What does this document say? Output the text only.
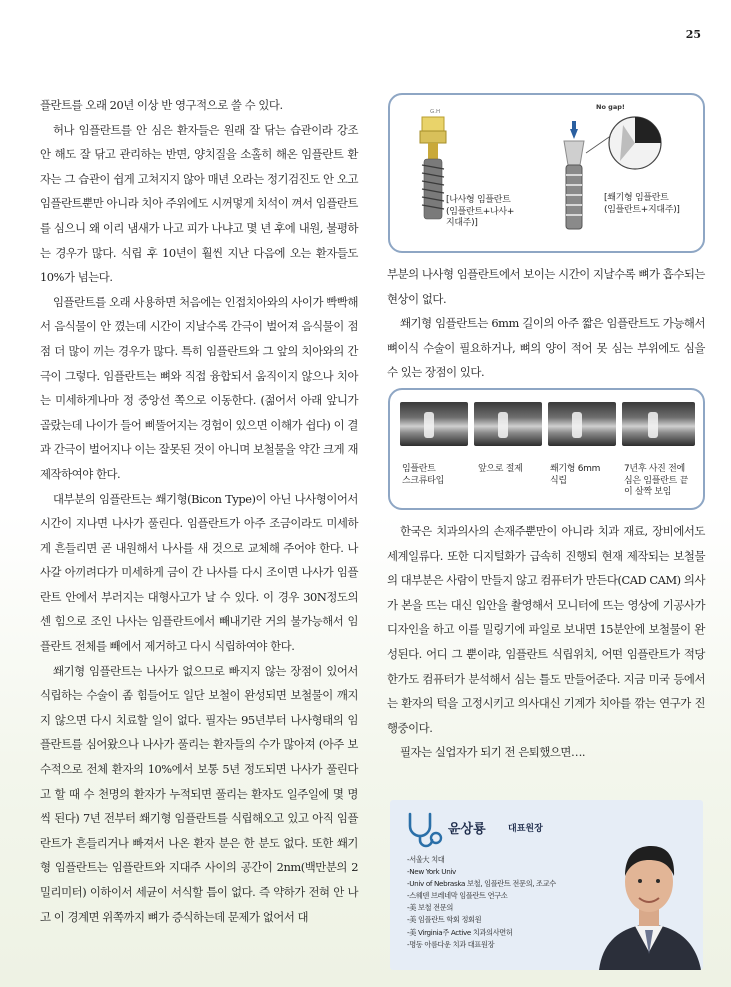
25

플란트를 오래 20년 이상 반 영구적으로 쓸 수 있다.

허나 임플란트를 안 심은 환자들은 원래 잘 닦는 습관이라 강조 안 해도 잘 닦고 관리하는 반면, 양치질을 소홀히 해온 임플란트 환자는 그 습관이 쉽게 고쳐지지 않아 매년 오라는 정기검진도 안 오고 임플란트뿐만 아니라 치아 주위에도 시꺼멓게 치석이 껴서 임플란트를 심으니 왜 이리 냄새가 나고 피가 나냐고 몇 년 후에 내원, 불평하는 경우가 많다. 식립 후 10년이 훨씬 지난 다음에 오는 환자들도 10%가 넘는다.

임플란트를 오래 사용하면 처음에는 인접치아와의 사이가 빡빡해서 음식물이 안 꼈는데 시간이 지날수록 간극이 벌어져 음식물이 점점 더 많이 끼는 경우가 많다. 특히 임플란트와 그 앞의 치아와의 간극이 그렇다. 임플란트는 뼈와 직접 융합되서 움직이지 않으나 치아는 미세하게나마 정 중앙선 쪽으로 이동한다. (젊어서 아래 앞니가 골랐는데 나이가 들어 삐뚤어지는 경험이 있으면 이해가 쉽다) 이 결과 간극이 벌어지나 이는 잘못된 것이 아니며 보철물을 약간 크게 재 제작하여야 한다.

대부분의 임플란트는 쐐기형(Bicon Type)이 아닌 나사형이어서 시간이 지나면 나사가 풀린다. 임플란트가 아주 조금이라도 미세하게 흔들리면 곧 내원해서 나사를 새 것으로 교체해 주어야 한다. 나사갈 아끼려다가 미세하게 금이 간 나사를 다시 조이면 나사가 임플란트 안에서 부러지는 대형사고가 날 수 있다. 이 경우 30N정도의 센 힘으로 조인 나사는 임플란트에서 빼내기란 거의 불가능해서 임플란트 전체를 빼에서 제거하고 다시 식립하여야 한다.

쐐기형 임플란트는 나사가 없으므로 빠지지 않는 장점이 있어서 식립하는 수술이 좀 힘들어도 일단 보철이 완성되면 보철물이 깨지지 않으면 다시 치료할 일이 없다. 필자는 95년부터 나사형태의 임플란트를 심어왔으나 나사가 풀리는 환자들의 수가 많아져 (아주 보수적으로 전체 환자의 10%에서 보통 5년 정도되면 나사가 풀린다고 할 때 수 천명의 환자가 누적되면 풀리는 환자도 일주일에 몇 명씩 된다) 7년 전부터 쐐기형 임플란트를 식립해오고 있고 아직 임플란트가 흔들리거나 빠져서 나온 환자 분은 한 분도 없다. 또한 쐐기형 임플란트는 임플란트와 지대주 사이의 공간이 2nm(백만분의 2밀리미터) 이하이서 세균이 서식할 틈이 없다. 즉 약하가 전혀 안 나고 이 경계면 위쪽까지 뼈가 증식하는데 문제가 없어서 대

G.H
No gap!
[나사형 임플란트
(임플란트+나사+
지대주)]
[쐐기형 임플란트
(임플란트+지대주)]

부분의 나사형 임플란트에서 보이는 시간이 지날수록 뼈가 흡수되는 현상이 없다.

쐐기형 임플란트는 6mm 길이의 아주 짧은 임플란트도 가능해서 뼈이식 수술이 필요하거나, 뼈의 양이 적어 못 심는 부위에도 심을 수 있는 장점이 있다.

임플란트
스크류타입
앞으로 절제	쐐기형 6mm
식립
7년후 사진 전에
심은 임플란트 끝
이 살짝 보임

한국은 치과의사의 손재주뿐만이 아니라 치과 재료, 장비에서도 세계일류다. 또한 디지털화가 급속히 진행되 현재 제작되는 보철물의 대부분은 사람이 만들지 않고 컴퓨터가 만든다(CAD CAM) 의사가 본을 뜨는 대신 입안을 촬영해서 모니터에 뜨는 영상에 기공사가 디자인을 하고 이를 밀링기에 파일로 보내면 15분안에 보철물이 완성된다. 어디 그 뿐이랴, 임플란트 식립위치, 어떤 임플란트가 적당한가도 컴퓨터가 분석해서 심는 틀도 만들어준다. 지금 미국 등에서는 환자의 턱을 고정시키고 의사대신 기계가 치아를 깎는 연구가 진행중이다.

필자는 실업자가 되기 전 은퇴했으면….

윤상룡 대표원장
-서울大 치대
-New York Univ
-Univ of Nebraska 보철, 임플란트 전문의, 조교수
-스웨덴 브레네막 임플란트 연구소
-美 보철 전문의
-美 임플란트 학회 정회원
-美 Virginia주 Active 치과의사면허
-명동 아름다운 치과 대표원장
